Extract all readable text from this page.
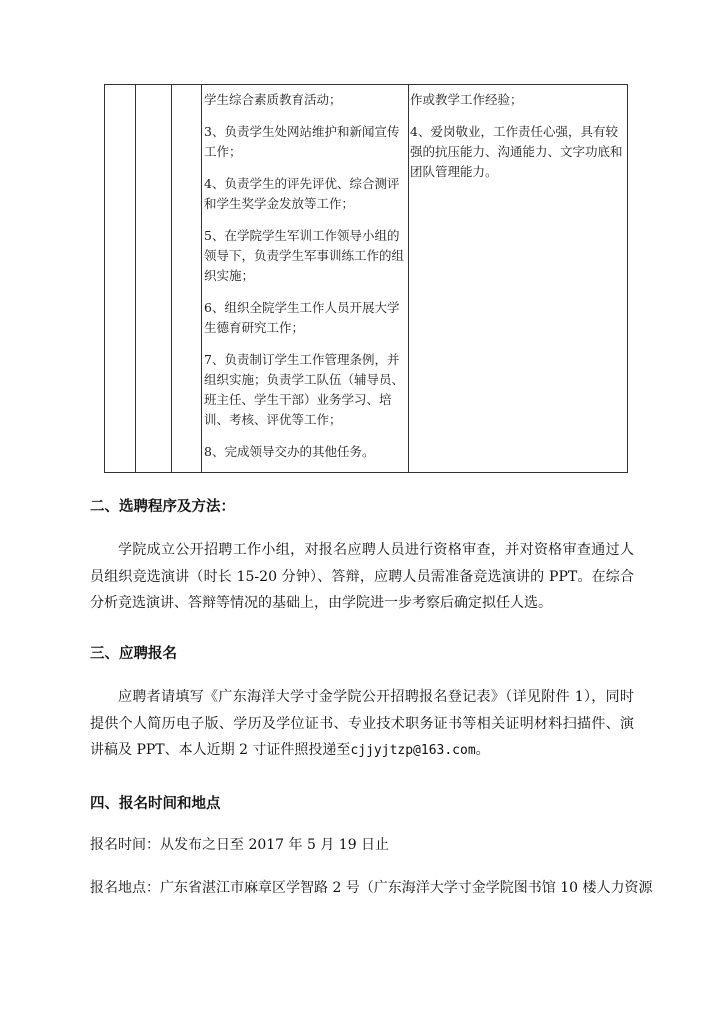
学生综合素质教育活动；

3、负责学生处网站维护和新闻宣传工作；

4、负责学生的评先评优、综合测评和学生奖学金发放等工作；

5、在学院学生军训工作领导小组的领导下，负责学生军事训练工作的组织实施；

6、组织全院学生工作人员开展大学生德育研究工作；

7、负责制订学生工作管理条例，并组织实施；负责学工队伍（辅导员、班主任、学生干部）业务学习、培训、考核、评优等工作；

8、完成领导交办的其他任务。

作或教学工作经验；

4、爱岗敬业，工作责任心强，具有较强的抗压能力、沟通能力、文字功底和团队管理能力。

二、选聘程序及方法：
学院成立公开招聘工作小组，对报名应聘人员进行资格审查，并对资格审查通过人员组织竞选演讲（时长 15-20 分钟）、答辩，应聘人员需准备竞选演讲的 PPT。在综合分析竞选演讲、答辩等情况的基础上，由学院进一步考察后确定拟任人选。
三、应聘报名
应聘者请填写《广东海洋大学寸金学院公开招聘报名登记表》（详见附件 1），同时提供个人简历电子版、学历及学位证书、专业技术职务证书等相关证明材料扫描件、演讲稿及 PPT、本人近期 2 寸证件照投递至cjjyjtzp@163.com。
四、报名时间和地点
报名时间：从发布之日至 2017 年 5 月 19 日止
报名地点：广东省湛江市麻章区学智路 2 号（广东海洋大学寸金学院图书馆 10 楼人力资源
